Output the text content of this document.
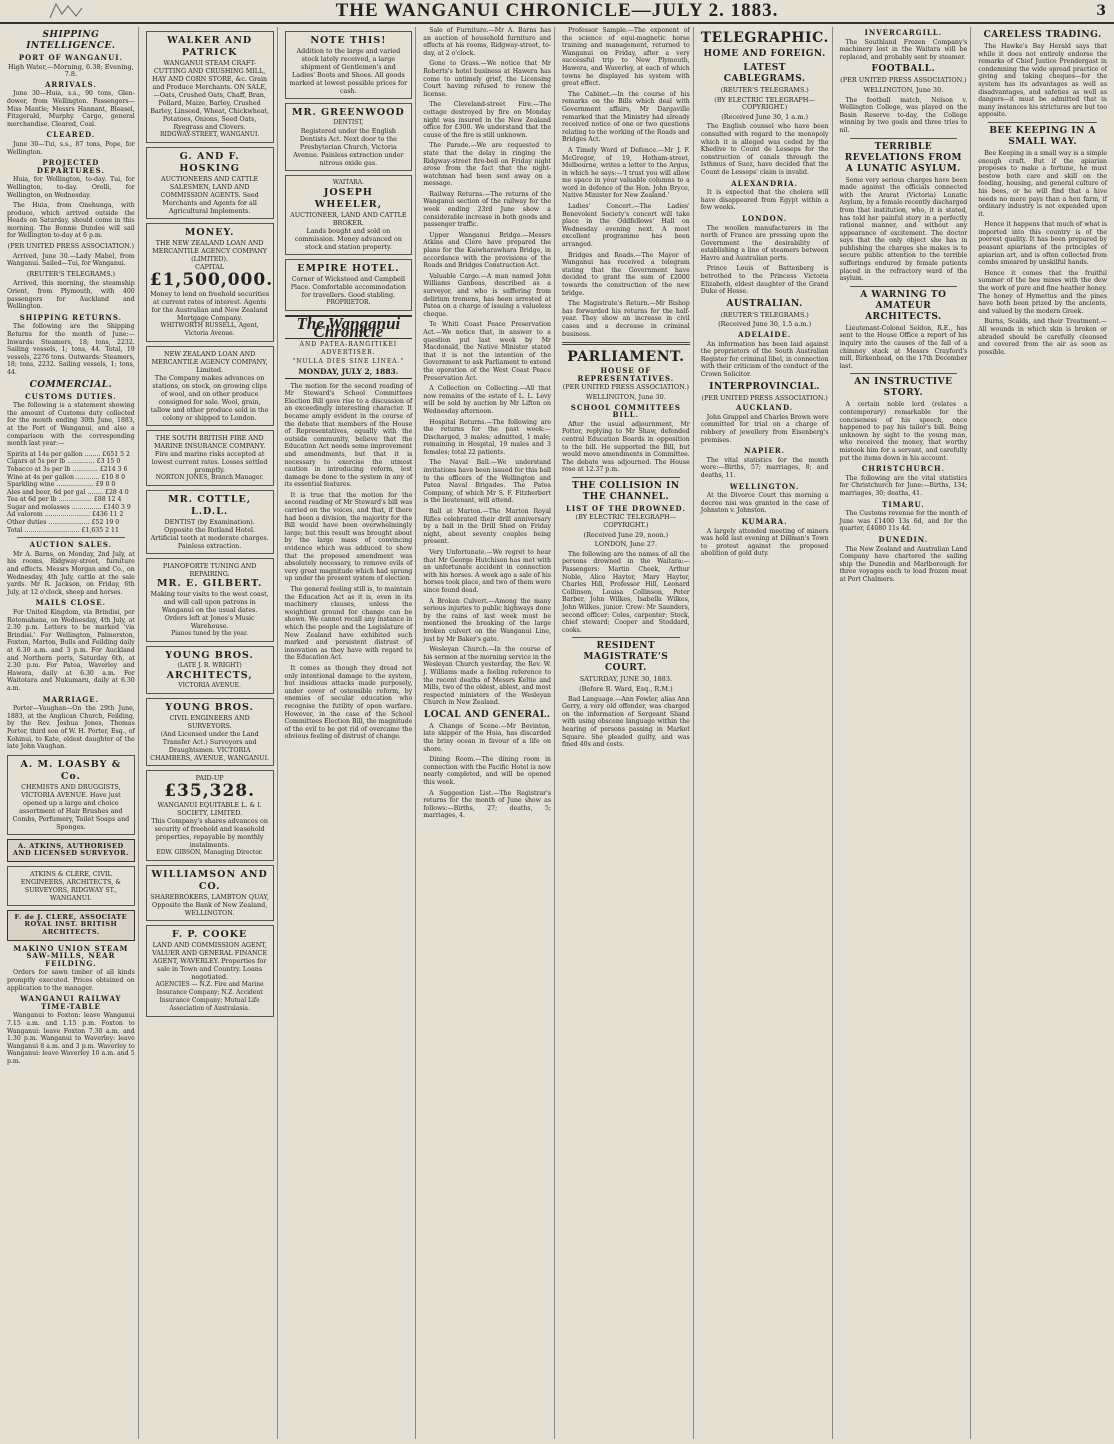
THE WANGANUI CHRONICLE—JULY 2. 1883.	3
SHIPPING INTELLIGENCE.
PORT OF WANGANUI.
High Water,—Morning, 6.38; Evening, 7.8.
ARRIVALS.

June 30—Huia, s.s., 90 tons, Glen-dower, from Wellington. Passengers—Miss Mantle; Messrs Hannant, Bleasel, Fitzgerald, Murphy. Cargo, general merchandise. Cleared, Coal.

CLEARED.

June 30—Tui, s.s., 87 tons, Pope, for Wellington.

PROJECTED DEPARTURES.

Huia, for Wellington, to-day. Tui, for Wellington, to-day. Orelli, for Wellington, on Wednesday.

The Huia, from Onehunga, with produce, which arrived outside the Heads on Saturday, should come in this morning. The Bonnie Dundee will sail for Wellington to-day at 6 p.m.

(PER UNITED PRESS ASSOCIATION.)

Arrived, June 30.—Lady Mabel, from Wanganui. Sailed—Tui, for Wanganui.

(REUTER'S TELEGRAMS.)

Arrived, this morning, the steamship Orient, from Plymouth, with 400 passengers for Auckland and Wellington.

SHIPPING RETURNS.

The following are the Shipping Returns for the month of June:—Inwards: Steamers, 18; tons, 2232. Sailing vessels, 1; tons, 44. Total, 19 vessels, 2276 tons. Outwards: Steamers, 18; tons, 2232. Sailing vessels, 1; tons, 44.

COMMERCIAL.
CUSTOMS DUTIES.

The following is a statement showing the amount of Customs duty collected for the month ending 30th June, 1883, at the Port of Wanganui, and also a comparison with the corresponding month last year:—

Spirits at 14s per gallon ........ £651 5 2
Cigars at 5s per lb .............. £3 15 0
Tobacco at 3s per lb ............. £214 3 6
Wine at 4s per gallon ............ £10 8 0
Sparkling wine ................... £9 0 0
Ales and beer, 6d per gal ........ £28 4 0
Tea at 6d per lb ................. £88 12 4
Sugar and molasses ............... £140 3 9
Ad valorem ....................... £436 11 2
Other duties ..................... £52 19 0
Total ............................ £1,635 2 11
AUCTION SALES.

Mr A. Barns, on Monday, 2nd July, at his rooms, Ridgway-street, furniture and effects. Messrs Morgan and Co., on Wednesday, 4th July, cattle at the sale yards. Mr R. Jackson, on Friday, 6th July, at 12 o'clock, sheep and horses.

MAILS CLOSE.

For United Kingdom, via Brindisi, per Rotomahana, on Wednesday, 4th July, at 2.30 p.m. Letters to be marked 'via Brindisi.' For Wellington, Palmerston, Foxton, Marton, Bulls and Feilding daily at 6.30 a.m. and 3 p.m. For Auckland and Northern ports, Saturday 6th, at 2.30 p.m. For Patea, Waverley and Hawera, daily at 6.30 a.m. For Waitotara and Nukumaru, daily at 6.30 a.m.

MARRIAGE.

Porter—Vaughan—On the 29th June, 1883, at the Anglican Church, Feilding, by the Rev. Joshua Jones, Thomas Porter, third son of W. H. Porter, Esq., of Kohinui, to Kate, eldest daughter of the late John Vaughan.

A. M. LOASBY & Co.
CHEMISTS AND DRUGGISTS, VICTORIA AVENUE. Have just opened up a large and choice assortment of Hair Brushes and Combs, Perfumery, Toilet Soaps and Sponges.
A. ATKINS, AUTHORISED AND LICENSED SURVEYOR.
ATKINS & CLERE, CIVIL ENGINEERS, ARCHITECTS, & SURVEYORS, RIDGWAY ST., WANGANUI.
F. de J. CLERE, ASSOCIATE ROYAL INST. BRITISH ARCHITECTS.
MAKINO UNION STEAM SAW-MILLS, NEAR FEILDING.

Orders for sawn timber of all kinds promptly executed. Prices obtained on application to the manager.

WANGANUI RAILWAY TIME-TABLE

Wanganui to Foxton: leave Wanganui 7.15 a.m. and 1.15 p.m. Foxton to Wanganui: leave Foxton 7.30 a.m. and 1.30 p.m. Wanganui to Waverley: leave Wanganui 8 a.m. and 3 p.m. Waverley to Wanganui: leave Waverley 10 a.m. and 5 p.m.

WALKER AND PATRICK
WANGANUI STEAM CRAFT-CUTTING AND CRUSHING MILL, HAY AND CORN STORE, &c. Grain and Produce Merchants. ON SALE,—Oats, Crushed Oats, Chaff, Bran, Pollard, Maize, Barley, Crushed Barley, Linseed, Wheat, Chickwheat, Potatoes, Onions, Seed Oats, Ryegrass and Clovers.
RIDGWAY-STREET, WANGANUI.
G. AND F. HOSKING
AUCTIONEERS AND CATTLE SALESMEN, LAND AND COMMISSION AGENTS. Seed Merchants and Agents for all Agricultural Implements.
MONEY.
THE NEW ZEALAND LOAN AND MERCANTILE AGENCY COMPANY (LIMITED).
CAPITAL
£1,500,000.
Money to lend on freehold securities at current rates of interest. Agents for the Australian and New Zealand Mortgage Company.
WHITWORTH RUSSELL, Agent, Victoria Avenue.
NEW ZEALAND LOAN AND MERCANTILE AGENCY COMPANY, Limited.
The Company makes advances on stations, on stock, on growing clips of wool, and on other produce consigned for sale. Wool, grain, tallow and other produce sold in the colony or shipped to London.
THE SOUTH BRITISH FIRE AND MARINE INSURANCE COMPANY.
Fire and marine risks accepted at lowest current rates. Losses settled promptly.
NORTON JONES, Branch Manager.
MR. COTTLE, L.D.L.
DENTIST (by Examination). Opposite the Rutland Hotel. Artificial teeth at moderate charges. Painless extraction.
PIANOFORTE TUNING AND REPAIRING.
MR. E. GILBERT.
Making tour visits to the west coast, and will call upon patrons in Wanganui on the usual dates. Orders left at Jones's Music Warehouse.
Pianos tuned by the year.
YOUNG BROS.
(LATE J. R. WRIGHT)
ARCHITECTS,
VICTORIA AVENUE.
YOUNG BROS.
CIVIL ENGINEERS AND SURVEYORS.
(And Licensed under the Land Transfer Act.) Surveyors and Draughtsmen. VICTORIA CHAMBERS, AVENUE, WANGANUI.
PAID-UP
£35,328.
WANGANUI EQUITABLE L. & I. SOCIETY, LIMITED.
This Company's shares advances on security of freehold and leasehold properties, repayable by monthly instalments.
EDW. GIBSON, Managing Director.
WILLIAMSON AND CO.
SHAREBROKERS, LAMBTON QUAY, Opposite the Bank of New Zealand, WELLINGTON.
F. P. COOKE
LAND AND COMMISSION AGENT, VALUER AND GENERAL FINANCE AGENT, WAVERLEY. Properties for sale in Town and Country. Loans negotiated.
AGENCIES — N.Z. Fire and Marine Insurance Company; N.Z. Accident Insurance Company; Mutual Life Association of Australasia.
NOTE THIS!
Addition to the large and varied stock lately received, a large shipment of Gentlemen's and Ladies' Boots and Shoes. All goods marked at lowest possible prices for cash.
MR. GREENWOOD
DENTIST,
Registered under the English Dentists Act. Next door to the Presbyterian Church, Victoria Avenue. Painless extraction under nitrous oxide gas.
WAITARA.
JOSEPH WHEELER,
AUCTIONEER, LAND AND CATTLE BROKER.
Lands bought and sold on commission. Money advanced on stock and station property.
EMPIRE HOTEL.
Corner of Wicksteed and Campbell Place. Comfortable accommodation for travellers. Good stabling.
PROPRIETOR.
The Wanganui Chronicle
AND PATEA-RANGITIKEI ADVERTISER.
"NULLA DIES SINE LINEA."
MONDAY, JULY 2, 1883.

The motion for the second reading of Mr Steward's School Committees Election Bill gave rise to a discussion of an exceedingly interesting character. It became amply evident in the course of the debate that members of the House of Representatives, equally with the outside community, believe that the Education Act needs some improvement and amendments, but that it is necessary to exercise the utmost caution in introducing reform, lest damage be done to the system in any of its essential features.

It is true that the motion for the second reading of Mr Steward's bill was carried on the voices, and that, if there had been a division, the majority for the Bill would have been overwhelmingly large; but this result was brought about by the large mass of convincing evidence which was adduced to show that the proposed amendment was absolutely necessary, to remove evils of very great magnitude which had sprung up under the present system of election.

The general feeling still is, to maintain the Education Act as it is, even in its machinery clauses, unless the weightiest ground for change can be shown. We cannot recall any instance in which the people and the Legislature of New Zealand have exhibited such marked and persistent distrust of innovation as they have with regard to the Education Act.

It comes as though they dread not only intentional damage to the system, but insidious attacks made purposely, under cover of ostensible reform, by enemies of secular education who recognise the futility of open warfare. However, in the case of the School Committees Election Bill, the magnitude of the evil to be got rid of overcame the obvious feeling of distrust of change.

Sale of Furniture.—Mr A. Barns has an auction of household furniture and effects at his rooms, Ridgway-street, to-day, at 2 o'clock.

Gone to Grass.—We notice that Mr Roberts's hotel business at Hawera has come to untimely grief, the Licensing Court having refused to renew the license.

The Cleveland-street Fire.—The cottage destroyed by fire on Monday night was insured in the New Zealand office for £300. We understand that the cause of the fire is still unknown.

The Parade.—We are requested to state that the delay in ringing the Ridgway-street fire-bell on Friday night arose from the fact that the night-watchman had been sent away on a message.

Railway Returns.—The returns of the Wanganui section of the railway for the week ending 23rd June show a considerable increase in both goods and passenger traffic.

Upper Wanganui Bridge.—Messrs Atkins and Clere have prepared the plans for the Kaiwharawhara Bridge, in accordance with the provisions of the Roads and Bridges Construction Act.

Valuable Cargo.—A man named John Williams Ganbeas, described as a surveyor, and who is suffering from delirium tremens, has been arrested at Patea on a charge of issuing a valueless cheque.

Te Whiti Coast Peace Preservation Act.—We notice that, in answer to a question put last week by Mr Macdonald, the Native Minister stated that it is not the intention of the Government to ask Parliament to extend the operation of the West Coast Peace Preservation Act.

A Collection on Collecting.—All that now remains of the estate of L. L. Levy will be sold by auction by Mr Lifton on Wednesday afternoon.

Hospital Returns.—The following are the returns for the past week:—Discharged, 3 males; admitted, 1 male; remaining in Hospital, 19 males and 3 females; total 22 patients.

The Naval Ball.—We understand invitations have been issued for this ball to the officers of the Wellington and Patea Naval Brigades. The Patea Company, of which Mr S. F. Fitzherbert is the lieutenant, will attend.

Ball at Marton.—The Marton Royal Rifles celebrated their drill anniversary by a ball in the Drill Shed on Friday night, about seventy couples being present.

Very Unfortunate.—We regret to hear that Mr George Hutchison has met with an unfortunate accident in connection with his horses. A week ago a sale of his horses took place, and two of them were since found dead.

A Broken Culvert.—Among the many serious injuries to public highways done by the rains of last week must be mentioned the breaking of the large broken culvert on the Wanganui Line, just by Mr Baker's gate.

Wesleyan Church.—In the course of his sermon at the morning service in the Wesleyan Church yesterday, the Rev. W. J. Williams made a feeling reference to the recent deaths of Messrs Keltie and Mills, two of the oldest, ablest, and most respected ministers of the Wesleyan Church in New Zealand.

LOCAL AND GENERAL.

A Change of Scene.—Mr Bevinton, late skipper of the Huia, has discarded the briny ocean in favour of a life on shore.

Dining Room.—The dining room in connection with the Pacific Hotel is now nearly completed, and will be opened this week.

A Suggestion List.—The Registrar's returns for the month of June show as follows:—Births, 27; deaths, 5; marriages, 4.

Professor Sample.—The exponent of the science of equi-magnetic horse training and management, returned to Wanganui on Friday, after a very successful trip to New Plymouth, Hawera, and Waverley, at each of which towns he displayed his system with great effect.

The Cabinet.—In the course of his remarks on the Bills which deal with Government affairs, Mr Dargaville remarked that the Ministry had already received notice of one or two questions relating to the working of the Roads and Bridges Act.

A Timely Word of Defence.—Mr J. F. McGregor, of 19, Hotham-street, Melbourne, writes a letter to the Argus, in which he says:—'I trust you will allow me space in your valuable columns to a word in defence of the Hon. John Bryce, Native Minister for New Zealand.'

Ladies' Concert.—The Ladies' Benevolent Society's concert will take place in the Oddfellows' Hall on Wednesday evening next. A most excellent programme has been arranged.

Bridges and Roads.—The Mayor of Wanganui has received a telegram stating that the Government have decided to grant the sum of £2000 towards the construction of the new bridge.

The Magistrate's Return.—Mr Bishop has forwarded his returns for the half-year. They show an increase in civil cases and a decrease in criminal business.

PARLIAMENT.
HOUSE OF REPRESENTATIVES.
(PER UNITED PRESS ASSOCIATION.)
WELLINGTON, June 30.
SCHOOL COMMITTEES BILL.

After the usual adjournment, Mr Pottor, replying to Mr Shaw, defended central Education Boards in opposition to the bill. He supported the Bill, but would move amendments in Committee. The debate was adjourned. The House rose at 12.37 p.m.

THE COLLISION IN THE CHANNEL.
LIST OF THE DROWNED.
(BY ELECTRIC TELEGRAPH—COPYRIGHT.)
(Received June 29, noon.)
LONDON, June 27.

The following are the names of all the persons drowned in the Waitara:—Passengers: Martin Cheek, Arthur Noble, Alice Hayter, Mary Hayter, Charles Hill, Professor Hill, Leonard Collinson, Louisa Collinson, Peter Barber, John Wilkes, Isabella Wilkes, John Wilkes, junior. Crew: Mr Saunders, second officer; Coles, carpenter; Stock, chief steward; Cooper and Stoddard, cooks.

RESIDENT MAGISTRATE'S COURT.
SATURDAY, JUNE 30, 1883.
(Before R. Ward, Esq., R.M.)

Bad Language.—Ann Fowler, alias Ann Gerry, a very old offender, was charged on the information of Sergeant Sliand with using obscene language within the hearing of persons passing in Market Square. She pleaded guilty, and was fined 40s and costs.

TELEGRAPHIC.
HOME AND FOREIGN.
LATEST CABLEGRAMS.
(REUTER'S TELEGRAMS.)
(BY ELECTRIC TELEGRAPH—COPYRIGHT.)
(Received June 30, 1 a.m.)

The English counsel who have been consulted with regard to the monopoly which it is alleged was ceded by the Khedive to Count de Lesseps for the construction of canals through the Isthmus of Suez, have decided that the Count de Lesseps' claim is invalid.

ALEXANDRIA.

It is expected that the cholera will have disappeared from Egypt within a few weeks.

LONDON.

The woollen manufacturers in the north of France are pressing upon the Government the desirability of establishing a line of steamers between Havre and Australian ports.

Prince Louis of Battenberg is betrothed to the Princess Victoria Elizabeth, eldest daughter of the Grand Duke of Hesse.

AUSTRALIAN.
(REUTER'S TELEGRAMS.)
(Received June 30, 1.5 a.m.)
ADELAIDE.

An information has been laid against the proprietors of the South Australian Register for criminal libel, in connection with their criticism of the conduct of the Crown Solicitor.

INTERPROVINCIAL.
(PER UNITED PRESS ASSOCIATION.)
AUCKLAND.

John Grappel and Charles Brown were committed for trial on a charge of robbery of jewellery from Eisenberg's premises.

NAPIER.

The vital statistics for the month were:—Births, 57; marriages, 8; and deaths, 11.

WELLINGTON.

At the Divorce Court this morning a decree nisi was granted in the case of Johnston v. Johnston.

KUMARA.

A largely attended meeting of miners was held last evening at Dillman's Town to protest against the proposed abolition of gold duty.

INVERCARGILL.

The Southland Frozen Company's machinery lost in the Waitara will be replaced, and probably sent by steamer.

FOOTBALL.
(PER UNITED PRESS ASSOCIATION.)
WELLINGTON, June 30.

The football match, Nelson v. Wellington College, was played on the Basin Reserve to-day, the College winning by two goals and three tries to nil.

TERRIBLE REVELATIONS FROM A LUNATIC ASYLUM.

Some very serious charges have been made against the officials connected with the Ararat (Victoria) Lunatic Asylum, by a female recently discharged from that institution, who, it is stated, has told her painful story in a perfectly rational manner, and without any appearance of excitement. The doctor says that the only object she has in publishing the charges she makes is to secure public attention to the terrible sufferings endured by female patients placed in the refractory ward of the asylum.

A WARNING TO AMATEUR ARCHITECTS.

Lieutenant-Colonel Seldon, R.E., has sent to the House Office a report of his inquiry into the causes of the fall of a chimney stack at Messrs Crayford's mill, Birkenhead, on the 17th December last.

AN INSTRUCTIVE STORY.

A certain noble lord (relates a contemporary) remarkable for the conciseness of his speech, once happened to pay his tailor's bill. Being unknown by sight to the young man, who received the money, that worthy mistook him for a servant, and carefully put the items down in his account.

CHRISTCHURCH.

The following are the vital statistics for Christchurch for June:—Births, 134; marriages, 30; deaths, 41.

TIMARU.

The Customs revenue for the month of June was £1400 13s 6d, and for the quarter, £4080 11s 4d.

DUNEDIN.

The New Zealand and Australian Land Company have chartered the sailing ship the Dunedin and Marlborough for three voyages each to load frozen meat at Port Chalmers.

CARELESS TRADING.

The Hawke's Bay Herald says that while it does not entirely endorse the remarks of Chief Justice Prendergast in condemning the wide spread practice of giving and taking cheques—for the system has its advantages as well as disadvantages, and safeties as well as dangers—it must be admitted that in many instances his strictures are but too apposite.

BEE KEEPING IN A SMALL WAY.

Bee Keeping in a small way is a simple enough craft. But if the apiarian proposes to make a fortune, he must bestow both care and skill on the feeding, housing, and general culture of his bees, or he will find that a hive needs no more pays than a hen farm, if ordinary industry is not expended upon it.

Hence it happens that much of what is imported into this country is of the poorest quality. It has been prepared by peasant apiarians of the principles of apiarian art, and is often collected from combs smeared by unskilful hands.

Hence it comes that the fruitful summer of the bee mixes with the dew the work of pure and fine heather honey. The honey of Hymettus and the pines have both been prized by the ancients, and valued by the modern Greek.

Burns, Scalds, and their Treatment.—All wounds in which skin is broken or abraded should be carefully cleansed and covered from the air as soon as possible.
